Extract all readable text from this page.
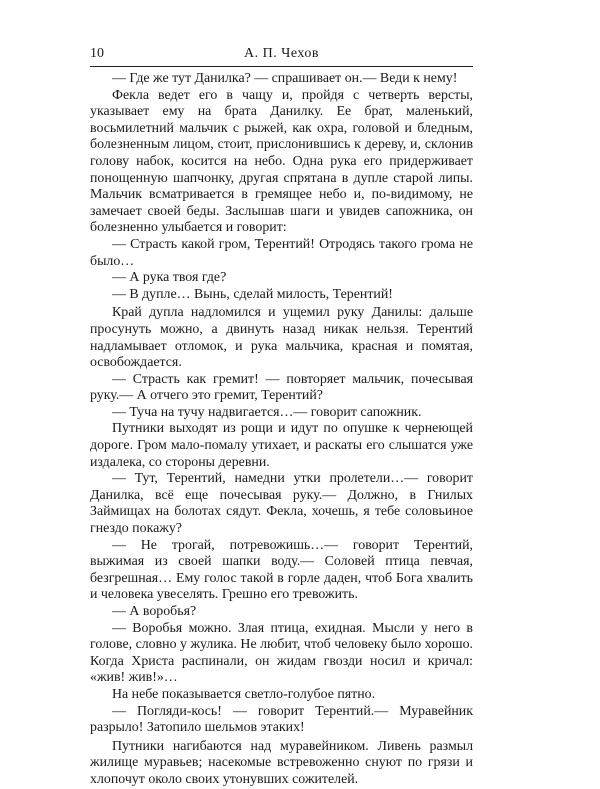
10	А. П. Чехов

— Где же тут Данилка? — спрашивает он.— Веди к нему!

Фекла ведет его в чащу и, пройдя с четверть версты, указывает ему на брата Данилку. Ее брат, маленький, восьмилетний мальчик с рыжей, как охра, головой и бледным, болезненным лицом, стоит, прислонившись к дереву, и, склонив голову набок, косится на небо. Одна рука его придерживает понощенную шапчонку, другая спрятана в дупле старой липы. Мальчик всматривается в гремящее небо и, по-видимому, не замечает своей беды. Заслышав шаги и увидев сапожника, он болезненно улыбается и говорит:

— Страсть какой гром, Терентий! Отродясь такого грома не было…

— А рука твоя где?

— В дупле… Вынь, сделай милость, Терентий!

Край дупла надломился и ущемил руку Данилы: дальше просунуть можно, а двинуть назад никак нельзя. Терентий надламывает отломок, и рука мальчика, красная и помятая, освобождается.

— Страсть как гремит! — повторяет мальчик, почесывая руку.— А отчего это гремит, Терентий?

— Туча на тучу надвигается…— говорит сапожник.

Путники выходят из рощи и идут по опушке к чернеющей дороге. Гром мало-помалу утихает, и раскаты его слышатся уже издалека, со стороны деревни.

— Тут, Терентий, намедни утки пролетели…— говорит Данилка, всё еще почесывая руку.— Должно, в Гнилых Займищах на болотах сядут. Фекла, хочешь, я тебе соловьиное гнездо покажу?

— Не трогай, потревожишь…— говорит Терентий, выжимая из своей шапки воду.— Соловей птица певчая, безгрешная… Ему голос такой в горле даден, чтоб Бога хвалить и человека увеселять. Грешно его тревожить.

— А воробья?

— Воробья можно. Злая птица, ехидная. Мысли у него в голове, словно у жулика. Не любит, чтоб человеку было хорошо. Когда Христа распинали, он жидам гвозди носил и кричал: «жив! жив!»…

На небе показывается светло-голубое пятно.

— Погляди-кось! — говорит Терентий.— Муравейник разрыло! Затопило шельмов этаких!

Путники нагибаются над муравейником. Ливень размыл жилище муравьев; насекомые встревоженно снуют по грязи и хлопочут около своих утонувших сожителей.
